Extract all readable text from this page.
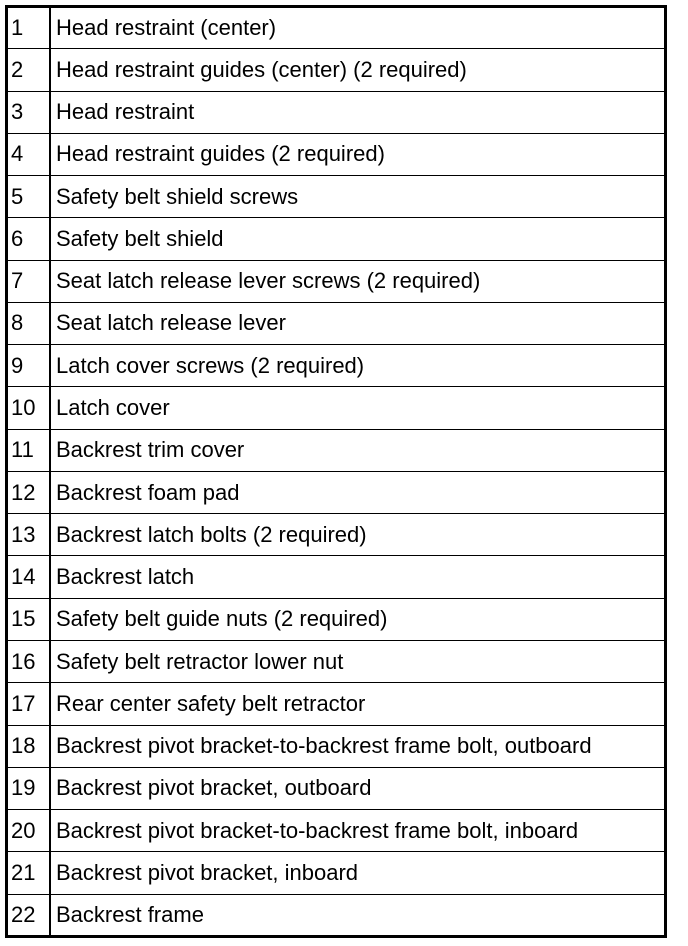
1	Head restraint (center)
2	Head restraint guides (center) (2 required)
3	Head restraint
4	Head restraint guides (2 required)
5	Safety belt shield screws
6	Safety belt shield
7	Seat latch release lever screws (2 required)
8	Seat latch release lever
9	Latch cover screws (2 required)
10	Latch cover
11	Backrest trim cover
12	Backrest foam pad
13	Backrest latch bolts (2 required)
14	Backrest latch
15	Safety belt guide nuts (2 required)
16	Safety belt retractor lower nut
17	Rear center safety belt retractor
18	Backrest pivot bracket-to-backrest frame bolt, outboard
19	Backrest pivot bracket, outboard
20	Backrest pivot bracket-to-backrest frame bolt, inboard
21	Backrest pivot bracket, inboard
22	Backrest frame
